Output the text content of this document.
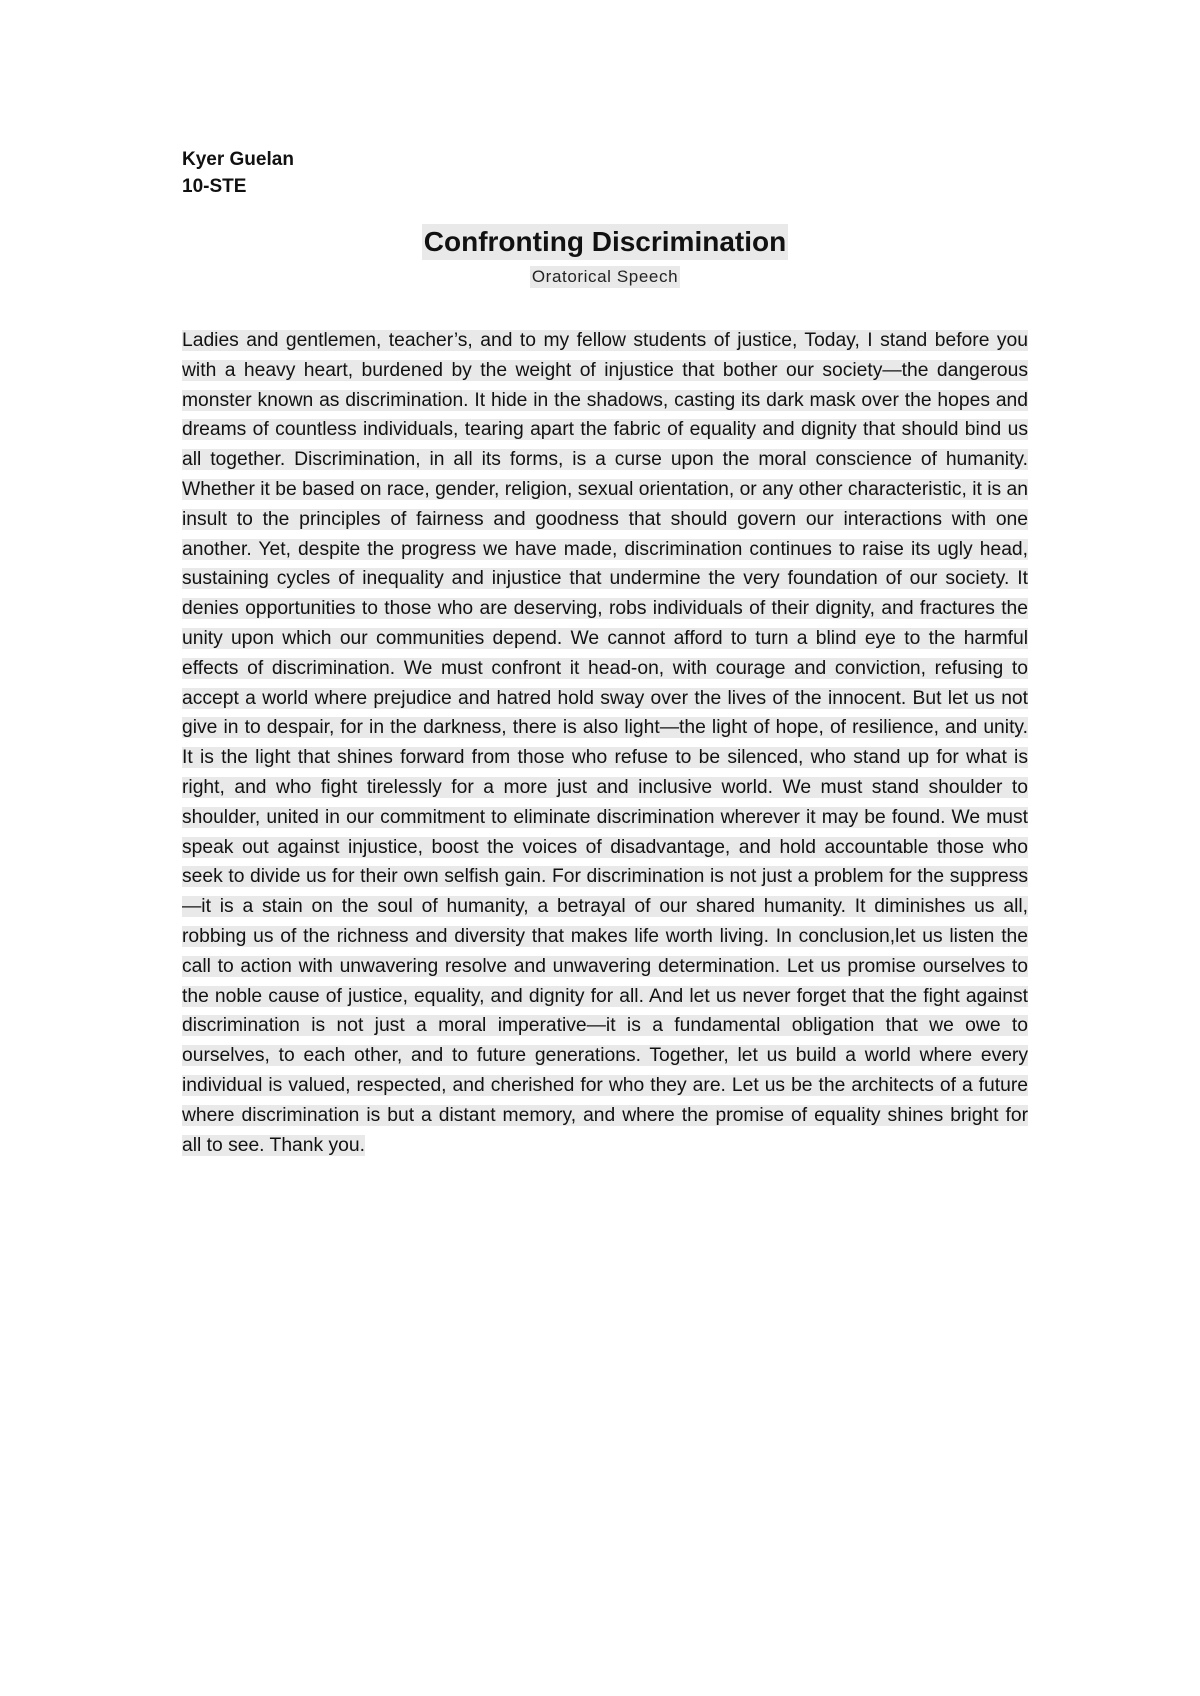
Kyer Guelan
10-STE
Confronting Discrimination
Oratorical Speech

Ladies and gentlemen, teacher’s, and to my fellow students of justice, Today, I stand before you with a heavy heart, burdened by the weight of injustice that bother our society—the dangerous monster known as discrimination. It hide in the shadows, casting its dark mask over the hopes and dreams of countless individuals, tearing apart the fabric of equality and dignity that should bind us all together. Discrimination, in all its forms, is a curse upon the moral conscience of humanity. Whether it be based on race, gender, religion, sexual orientation, or any other characteristic, it is an insult to the principles of fairness and goodness that should govern our interactions with one another. Yet, despite the progress we have made, discrimination continues to raise its ugly head, sustaining cycles of inequality and injustice that undermine the very foundation of our society. It denies opportunities to those who are deserving, robs individuals of their dignity, and fractures the unity upon which our communities depend. We cannot afford to turn a blind eye to the harmful effects of discrimination. We must confront it head-on, with courage and conviction, refusing to accept a world where prejudice and hatred hold sway over the lives of the innocent. But let us not give in to despair, for in the darkness, there is also light—the light of hope, of resilience, and unity. It is the light that shines forward from those who refuse to be silenced, who stand up for what is right, and who fight tirelessly for a more just and inclusive world. We must stand shoulder to shoulder, united in our commitment to eliminate discrimination wherever it may be found. We must speak out against injustice, boost the voices of disadvantage, and hold accountable those who seek to divide us for their own selfish gain. For discrimination is not just a problem for the suppress—it is a stain on the soul of humanity, a betrayal of our shared humanity. It diminishes us all, robbing us of the richness and diversity that makes life worth living. In conclusion,let us listen the call to action with unwavering resolve and unwavering determination. Let us promise ourselves to the noble cause of justice, equality, and dignity for all. And let us never forget that the fight against discrimination is not just a moral imperative—it is a fundamental obligation that we owe to ourselves, to each other, and to future generations. Together, let us build a world where every individual is valued, respected, and cherished for who they are. Let us be the architects of a future where discrimination is but a distant memory, and where the promise of equality shines bright for all to see. Thank you.
